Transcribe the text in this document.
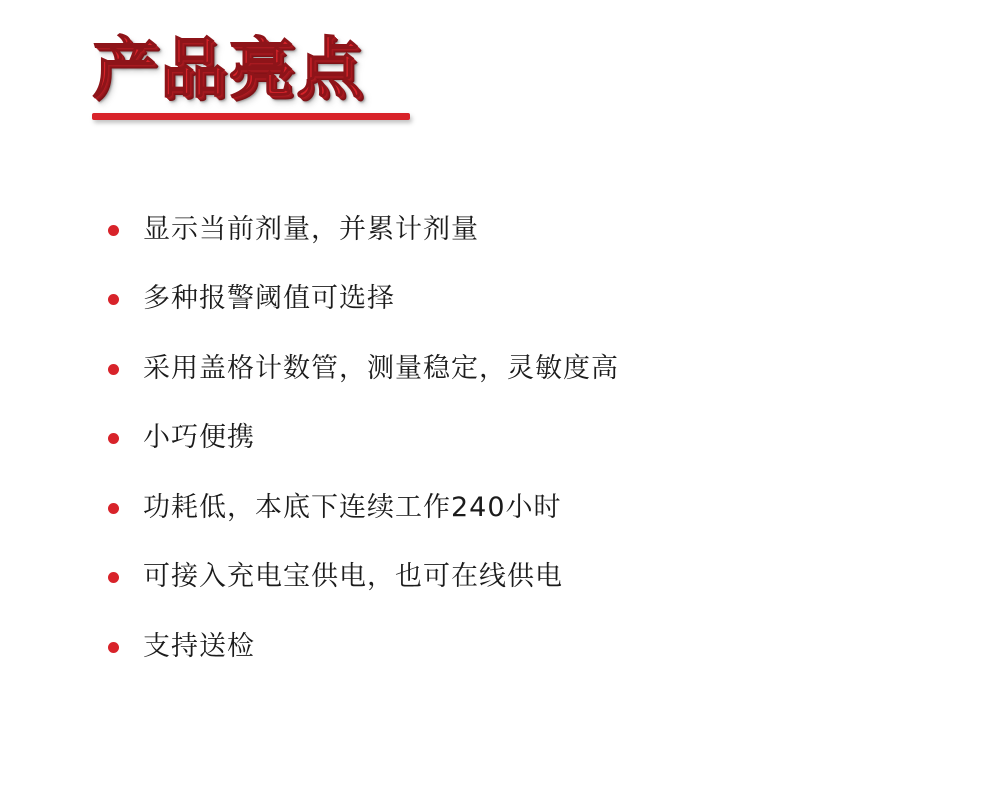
产品亮点
显示当前剂量，并累计剂量
多种报警阈值可选择
采用盖格计数管，测量稳定，灵敏度高
小巧便携
功耗低，本底下连续工作240小时
可接入充电宝供电，也可在线供电
支持送检
